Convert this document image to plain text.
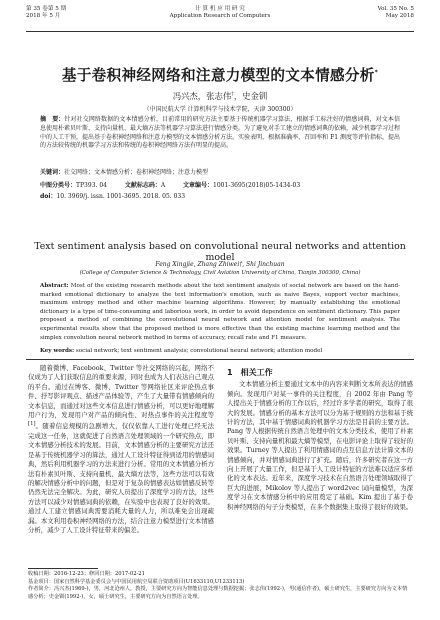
第 35 卷第 5 期
2018 年 5 月
计 算 机 应 用 研 究
Application Research of Computers
Vol. 35 No. 5
May 2018
基于卷积神经网络和注意力模型的文本情感分析*
冯兴杰，张志伟†，史金钏
（中国民航大学 计算机科学与技术学院，天津 300300）
摘　要：针对社交网络数据的文本情感分析，目前常用的研究方法主要基于传统机器学习算法，根据手工标注好的情感词典，对文本信息使用朴素贝叶斯、支持向量机、最大熵方法等机器学习算法进行情感分类。为了避免对手工建立的情感词典的依赖，减少机器学习过程中的人工干预，提出基于卷积神经网络和注意力模型的文本情感分析方法。实验表明，根据准确率、召回率和 F1 测度等评价指标，提出的方法较传统的机器学习方法和传统的卷积神经网络方法有明显的提高。
关键词：社交网络；文本情感分析；卷积神经网络；注意力模型
中图分类号：TP393. 04	文献标志码：A	文章编号：1001-3695(2018)05-1434-03
doi：10. 3969/j. issn. 1001-3695. 2018. 05. 033
Text sentiment analysis based on convolutional neural networks and attention model
Feng Xingjie, Zhang Zhiwei†, Shi Jinchuan
(College of Computer Science & Technology, Civil Aviation University of China, Tianjin 300300, China)
Abstract: Most of the existing research methods about the text sentiment analysis of social network are based on the hand-marked emotional dictionary to analyze the text information's emotion, such as naive Bayes, support vector machines, maximum entropy method and other machine learning algorithms. However, by manually establishing the emotional dictionary is a type of time-consuming and laborious work, in order to avoid dependence on sentiment dictionary. This paper proposed a method of combining the convolutional neural network and attention model for sentiment analysis. The experimental results show that the proposed method is more effective than the existing machine learning method and the simplex convolution neural network method in terms of accuracy, recall rate and F1 measure.
Key words: social network; text sentiment analysis; convolutional neural network; attention model

随着微博、Facebook、Twitter 等社交网络的兴起，网络不仅成为了人们获取信息的重要来源，同时也成为人们表达自己观点的平台。通过在博客、微博、Twitter 等网络社区来评论热点事件、抒写影评观点、描述产品体验等，产生了大量带有情感倾向的文本信息，而通过对这些文本信息进行情感分析，可以更好地理解用户行为，发现用户对产品的倾向性、对热点事件的关注程度等[1]。随着信息规模的急剧增大，仅仅依靠人工进行处理已经无法完成这一任务，这就促进了自然语言处理领域的一个研究热点，即文本情感分析技术的发展。目前，文本情感分析的主要研究方法还是基于传统机器学习的算法，通过人工设计特征得到适用的情感词典，然后利用机器学习的方法来进行分析。常用的文本情感分析方法有朴素贝叶斯、支持向量机、最大熵方法等，这些方法可以有效的解决情感分析中的问题，但是对于复杂的情感表达如情感反转等仍然无法完全解决。为此，研究人员提出了深度学习的方法，这些方法可以减少对情感词典的依赖，在实验中也表现了良好的效果。通过人工建立情感词典需要消耗大量的人力，所以难免会出现疏漏。本文利用卷积神经网络的方法，结合注意力模型进行文本情感分析，减少了人工设计特征带来的偏差。

1　相关工作

文本情感分析主要通过文本中的内容来判断文本所表达的情感倾向。发现用户对某一事件的关注程度，自 2002 年由 Pang 等人提出关于情感分析的工作以后，经过许多学者的研究，取得了很大的发展。情感分析的基本方法可以分为基于规则的方法和基于统计的方法，其中基于情感词典的机器学习方法是目前的主要方法。Pang 等人根据传统自然语言处理中的文本分类技术，使用了朴素贝叶斯、支持向量机和最大熵等模型，在电影评论上取得了较好的效果。Turney 等人提出了利用情感词的点互信息方法计算文本的情感倾向，并对情感词典进行了扩充。随后，许多研究者在这一方向上开展了大量工作，但是基于人工设计特征的方法难以适应多样化的文本表达。近年来，深度学习技术在自然语言处理领域取得了巨大的进展，Mikolov 等人提出了 word2vec 词向量模型，为深度学习在文本情感分析中的应用奠定了基础。Kim 提出了基于卷积神经网络的句子分类模型，在多个数据集上取得了很好的效果。

收稿日期：2016-12-23；修回日期：2017-02-21
基金项目：国家自然科学基金委员会与中国民用航空局联合资助项目(U1633110,U1233113)
作者简介：冯兴杰(1969-)，男，河北沧州人，教授，主要研究方向为智能信息处理与数据挖掘；张志伟(1992-)，男(通信作者)，硕士研究生，主要研究方向为文本情感分析；史金钏(1992-)，女，硕士研究生，主要研究方向为自然语言处理。
